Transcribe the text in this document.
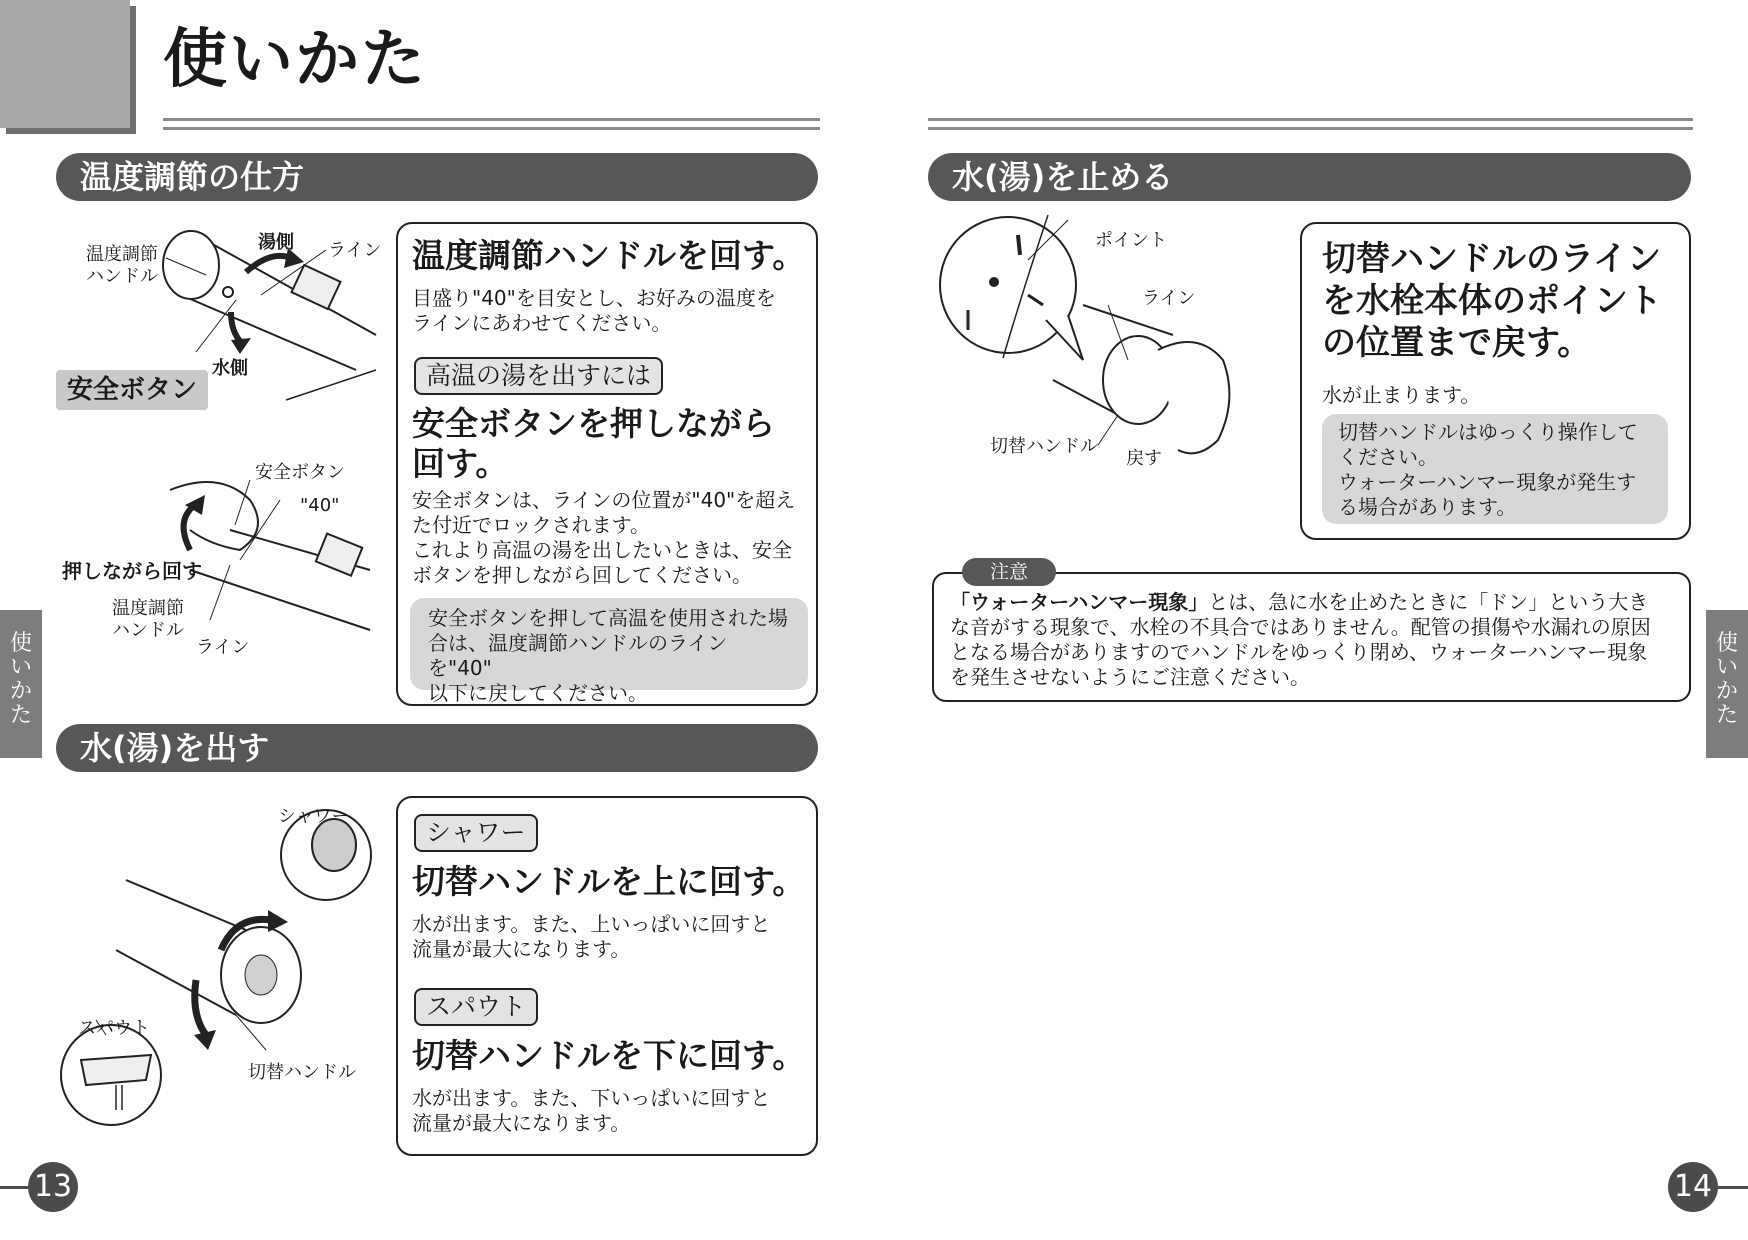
使いかた
温度調節の仕方
温度調節
ハンドル
湯側 ライン
水側
安全ボタン
安全ボタン
"40"
押しながら回す
温度調節
ハンドル
ライン
温度調節ハンドルを回す。
目盛り"40"を目安とし、お好みの温度を
ラインにあわせてください。
高温の湯を出すには
安全ボタンを押しながら
回す。
安全ボタンは、ラインの位置が"40"を超え
た付近でロックされます。
これより高温の湯を出したいときは、安全
ボタンを押しながら回してください。
安全ボタンを押して高温を使用された場
合は、温度調節ハンドルのラインを"40"
以下に戻してください。
水(湯)を出す
シャワー
スパウト
切替ハンドル
シャワー
切替ハンドルを上に回す。
水が出ます。また、上いっぱいに回すと
流量が最大になります。
スパウト
切替ハンドルを下に回す。
水が出ます。また、下いっぱいに回すと
流量が最大になります。
使いかた
13
水(湯)を止める
ポイント
ライン
切替ハンドル
戻す
切替ハンドルのライン
を水栓本体のポイント
の位置まで戻す。
水が止まります。
切替ハンドルはゆっくり操作して
ください。
ウォーターハンマー現象が発生す
る場合があります。
注意
「ウォーターハンマー現象」とは、急に水を止めたときに「ドン」という大き
な音がする現象で、水栓の不具合ではありません。配管の損傷や水漏れの原因
となる場合がありますのでハンドルをゆっくり閉め、ウォーターハンマー現象
を発生させないようにご注意ください。
使いかた
14
